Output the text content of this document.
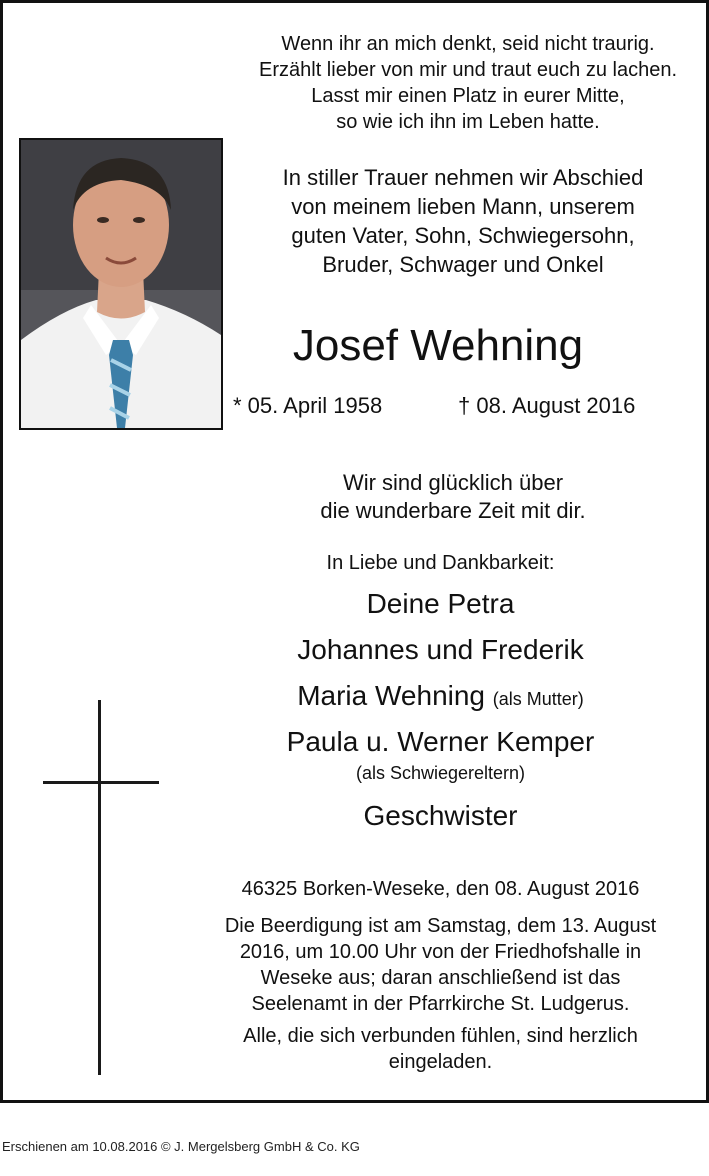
Wenn ihr an mich denkt, seid nicht traurig.
Erzählt lieber von mir und traut euch zu lachen.
Lasst mir einen Platz in eurer Mitte,
so wie ich ihn im Leben hatte.
In stiller Trauer nehmen wir Abschied
von meinem lieben Mann, unserem
guten Vater, Sohn, Schwiegersohn,
Bruder, Schwager und Onkel
Josef Wehning
* 05. April 1958	† 08. August 2016
Wir sind glücklich über
die wunderbare Zeit mit dir.
In Liebe und Dankbarkeit:
Deine Petra
Johannes und Frederik
Maria Wehning (als Mutter)
Paula u. Werner Kemper
(als Schwiegereltern)
Geschwister
46325 Borken-Weseke, den 08. August 2016
Die Beerdigung ist am Samstag, dem 13. August
2016, um 10.00 Uhr von der Friedhofshalle in
Weseke aus; daran anschließend ist das
Seelenamt in der Pfarrkirche St. Ludgerus.
Alle, die sich verbunden fühlen, sind herzlich
eingeladen.
Erschienen am 10.08.2016 © J. Mergelsberg GmbH & Co. KG
